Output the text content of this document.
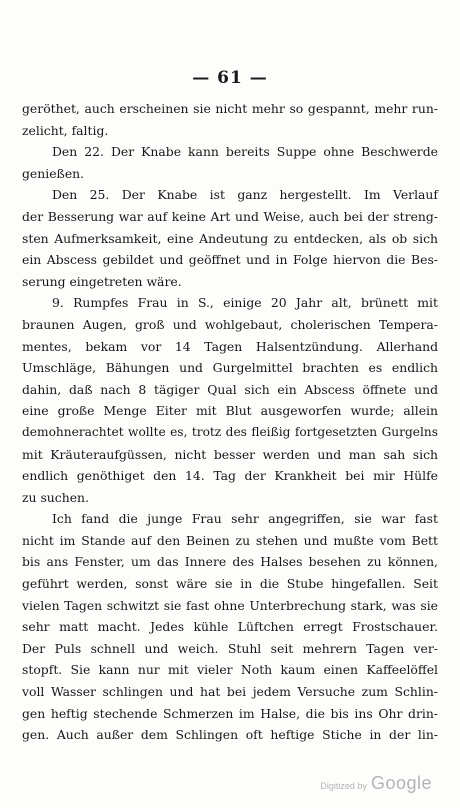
— 61 —
geröthet, auch erscheinen sie nicht mehr so gespannt, mehr run-
zelicht, faltig.
Den 22. Der Knabe kann bereits Suppe ohne Beschwerde
genießen.
Den 25. Der Knabe ist ganz hergestellt. Im Verlauf
der Besserung war auf keine Art und Weise, auch bei der streng-
sten Aufmerksamkeit, eine Andeutung zu entdecken, als ob sich
ein Abscess gebildet und geöffnet und in Folge hiervon die Bes-
serung eingetreten wäre.
9. Rumpfes Frau in S., einige 20 Jahr alt, brünett mit
braunen Augen, groß und wohlgebaut, cholerischen Tempera-
mentes, bekam vor 14 Tagen Halsentzündung. Allerhand
Umschläge, Bähungen und Gurgelmittel brachten es endlich
dahin, daß nach 8 tägiger Qual sich ein Abscess öffnete und
eine große Menge Eiter mit Blut ausgeworfen wurde; allein
demohnerachtet wollte es, trotz des fleißig fortgesetzten Gurgelns
mit Kräuteraufgüssen, nicht besser werden und man sah sich
endlich genöthiget den 14. Tag der Krankheit bei mir Hülfe
zu suchen.
Ich fand die junge Frau sehr angegriffen, sie war fast
nicht im Stande auf den Beinen zu stehen und mußte vom Bett
bis ans Fenster, um das Innere des Halses besehen zu können,
geführt werden, sonst wäre sie in die Stube hingefallen. Seit
vielen Tagen schwitzt sie fast ohne Unterbrechung stark, was sie
sehr matt macht. Jedes kühle Lüftchen erregt Frostschauer.
Der Puls schnell und weich. Stuhl seit mehrern Tagen ver-
stopft. Sie kann nur mit vieler Noth kaum einen Kaffeelöffel
voll Wasser schlingen und hat bei jedem Versuche zum Schlin-
gen heftig stechende Schmerzen im Halse, die bis ins Ohr drin-
gen. Auch außer dem Schlingen oft heftige Stiche in der lin-
Digitized by Google
